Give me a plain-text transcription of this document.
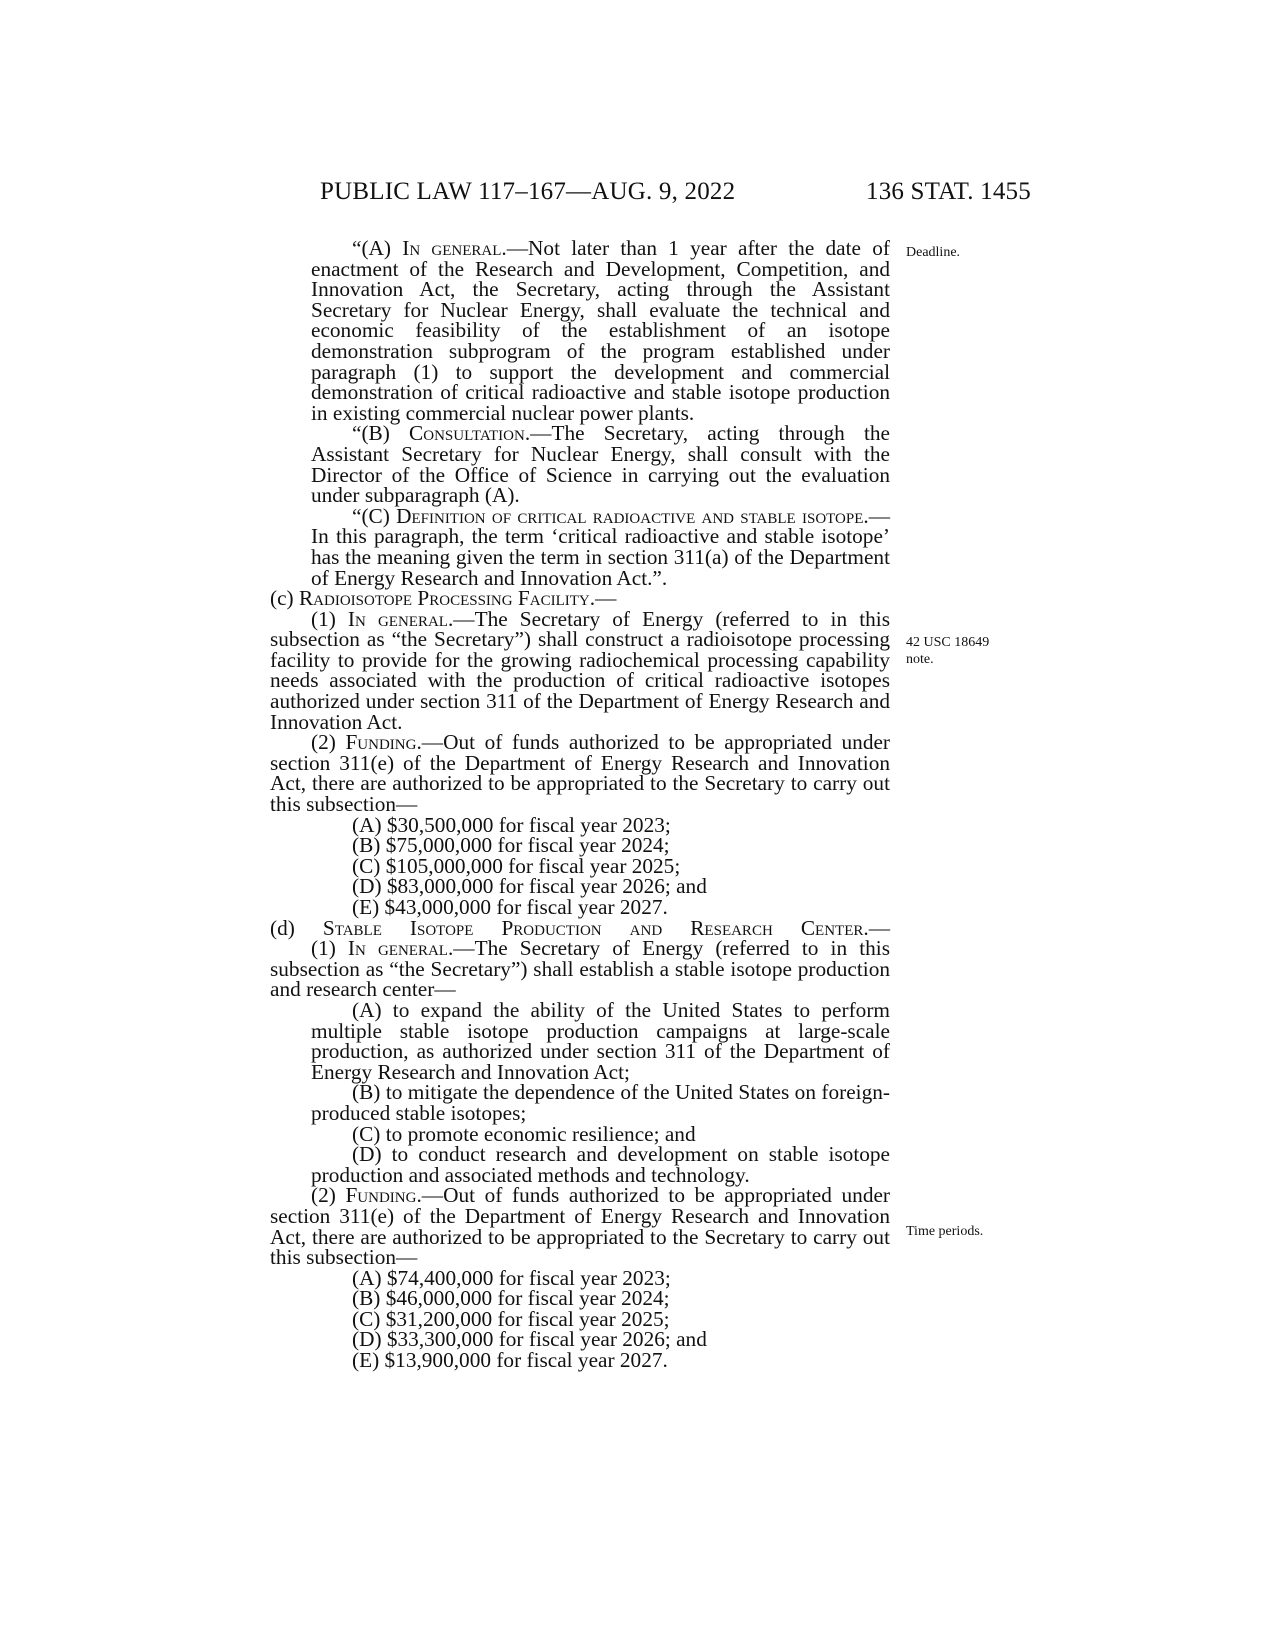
PUBLIC LAW 117–167—AUG. 9, 2022	136 STAT. 1455

“(A) In general.—Not later than 1 year after the date of enactment of the Research and Development, Competition, and Innovation Act, the Secretary, acting through the Assistant Secretary for Nuclear Energy, shall evaluate the technical and economic feasibility of the establishment of an isotope demonstration subprogram of the program established under paragraph (1) to support the development and commercial demonstration of critical radioactive and stable isotope production in existing commercial nuclear power plants.

“(B) Consultation.—The Secretary, acting through the Assistant Secretary for Nuclear Energy, shall consult with the Director of the Office of Science in carrying out the evaluation under subparagraph (A).

“(C) Definition of critical radioactive and stable isotope.—In this paragraph, the term ‘critical radioactive and stable isotope’ has the meaning given the term in section 311(a) of the Department of Energy Research and Innovation Act.”.

(c) Radioisotope Processing Facility.—

(1) In general.—The Secretary of Energy (referred to in this subsection as “the Secretary”) shall construct a radioisotope processing facility to provide for the growing radiochemical processing capability needs associated with the production of critical radioactive isotopes authorized under section 311 of the Department of Energy Research and Innovation Act.

(2) Funding.—Out of funds authorized to be appropriated under section 311(e) of the Department of Energy Research and Innovation Act, there are authorized to be appropriated to the Secretary to carry out this subsection—

(A) $30,500,000 for fiscal year 2023;

(B) $75,000,000 for fiscal year 2024;

(C) $105,000,000 for fiscal year 2025;

(D) $83,000,000 for fiscal year 2026; and

(E) $43,000,000 for fiscal year 2027.

(d) Stable Isotope Production and Research Center.—

(1) In general.—The Secretary of Energy (referred to in this subsection as “the Secretary”) shall establish a stable isotope production and research center—

(A) to expand the ability of the United States to perform multiple stable isotope production campaigns at large-scale production, as authorized under section 311 of the Department of Energy Research and Innovation Act;

(B) to mitigate the dependence of the United States on foreign-produced stable isotopes;

(C) to promote economic resilience; and

(D) to conduct research and development on stable isotope production and associated methods and technology.

(2) Funding.—Out of funds authorized to be appropriated under section 311(e) of the Department of Energy Research and Innovation Act, there are authorized to be appropriated to the Secretary to carry out this subsection—

(A) $74,400,000 for fiscal year 2023;

(B) $46,000,000 for fiscal year 2024;

(C) $31,200,000 for fiscal year 2025;

(D) $33,300,000 for fiscal year 2026; and

(E) $13,900,000 for fiscal year 2027.

Deadline.
42 USC 18649
note.
Time periods.
